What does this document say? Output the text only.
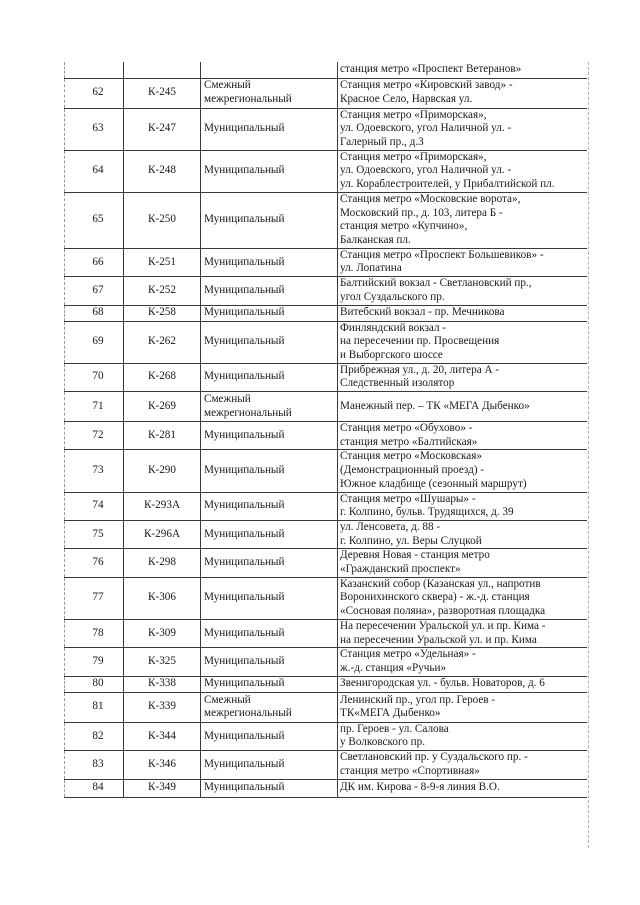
			станция метро «Проспект Ветеранов»

62	К-245	Смежный
межрегиональный	Станция метро «Кировский завод» -
Красное Село, Нарвская ул.

63	К-247	Муниципальный	Станция метро «Приморская»,
ул. Одоевского, угол Наличной ул. -
Галерный пр., д.3

64	К-248	Муниципальный	Станция метро «Приморская»,
ул. Одоевского, угол Наличной ул. -
ул. Кораблестроителей, у Прибалтийской пл.

65	К-250	Муниципальный	Станция метро «Московские ворота»,
Московский пр., д. 103, литера Б -
станция метро «Купчино»,
Балканская пл.

66	К-251	Муниципальный	Станция метро «Проспект Большевиков» -
ул. Лопатина

67	К-252	Муниципальный	Балтийский вокзал - Светлановский пр.,
угол Суздальского пр.

68	К-258	Муниципальный	Витебский вокзал - пр. Мечникова

69	К-262	Муниципальный	Финляндский вокзал -
на пересечении пр. Просвещения
и Выборгского шоссе

70	К-268	Муниципальный	Прибрежная ул., д. 20, литера А -
Следственный изолятор

71	К-269	Смежный
межрегиональный	Манежный пер. – ТК «МЕГА Дыбенко»

72	К-281	Муниципальный	Станция метро «Обухово» -
станция метро «Балтийская»

73	К-290	Муниципальный	Станция метро «Московская»
(Демонстрационный проезд) -
Южное кладбище (сезонный маршрут)

74	К-293А	Муниципальный	Станция метро «Шушары» -
г. Колпино, бульв. Трудящихся, д. 39

75	К-296А	Муниципальный	ул. Ленсовета, д. 88 -
г. Колпино, ул. Веры Слуцкой

76	К-298	Муниципальный	Деревня Новая - станция метро
«Гражданский проспект»

77	К-306	Муниципальный	Казанский собор (Казанская ул., напротив
Воронихинского сквера) - ж.-д. станция
«Сосновая поляна», разворотная площадка

78	К-309	Муниципальный	На пересечении Уральской ул. и пр. Кима -
на пересечении Уральской ул. и пр. Кима

79	К-325	Муниципальный	Станция метро «Удельная» -
ж.-д. станция «Ручьи»

80	К-338	Муниципальный	Звенигородская ул. - бульв. Новаторов, д. 6

81	К-339	Смежный
межрегиональный	Ленинский пр., угол пр. Героев -
ТК«МЕГА Дыбенко»

82	К-344	Муниципальный	пр. Героев - ул. Салова
у Волковского пр.

83	К-346	Муниципальный	Светлановский пр. у Суздальского пр. -
станция метро «Спортивная»

84	К-349	Муниципальный	ДК им. Кирова - 8-9-я линия В.О.
